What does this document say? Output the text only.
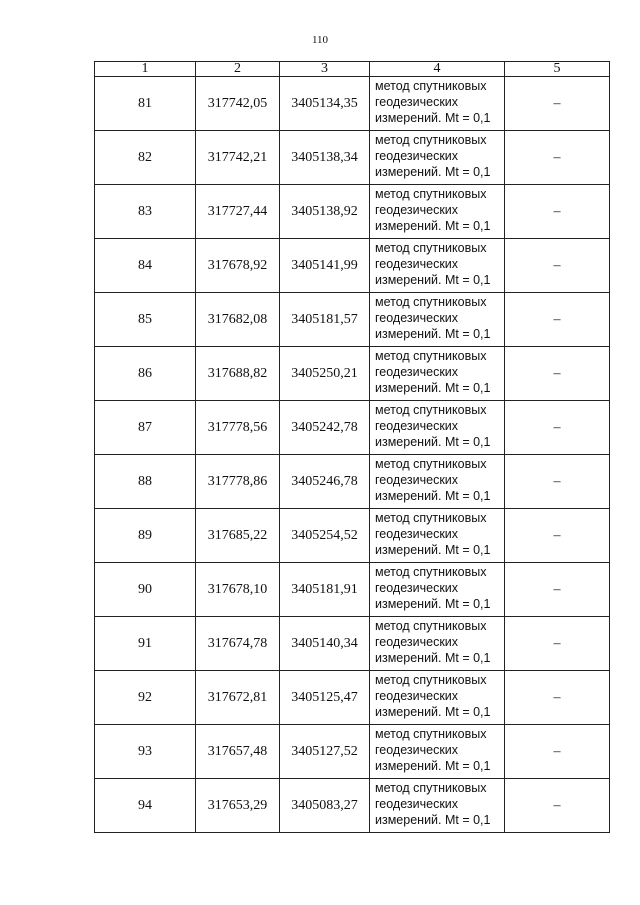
110
1	2	3	4	5
81	317742,05	3405134,35	метод спутниковых
геодезических
измерений. Mt = 0,1	–
82	317742,21	3405138,34	метод спутниковых
геодезических
измерений. Mt = 0,1	–
83	317727,44	3405138,92	метод спутниковых
геодезических
измерений. Mt = 0,1	–
84	317678,92	3405141,99	метод спутниковых
геодезических
измерений. Mt = 0,1	–
85	317682,08	3405181,57	метод спутниковых
геодезических
измерений. Mt = 0,1	–
86	317688,82	3405250,21	метод спутниковых
геодезических
измерений. Mt = 0,1	–
87	317778,56	3405242,78	метод спутниковых
геодезических
измерений. Mt = 0,1	–
88	317778,86	3405246,78	метод спутниковых
геодезических
измерений. Mt = 0,1	–
89	317685,22	3405254,52	метод спутниковых
геодезических
измерений. Mt = 0,1	–
90	317678,10	3405181,91	метод спутниковых
геодезических
измерений. Mt = 0,1	–
91	317674,78	3405140,34	метод спутниковых
геодезических
измерений. Mt = 0,1	–
92	317672,81	3405125,47	метод спутниковых
геодезических
измерений. Mt = 0,1	–
93	317657,48	3405127,52	метод спутниковых
геодезических
измерений. Mt = 0,1	–
94	317653,29	3405083,27	метод спутниковых
геодезических
измерений. Mt = 0,1	–
